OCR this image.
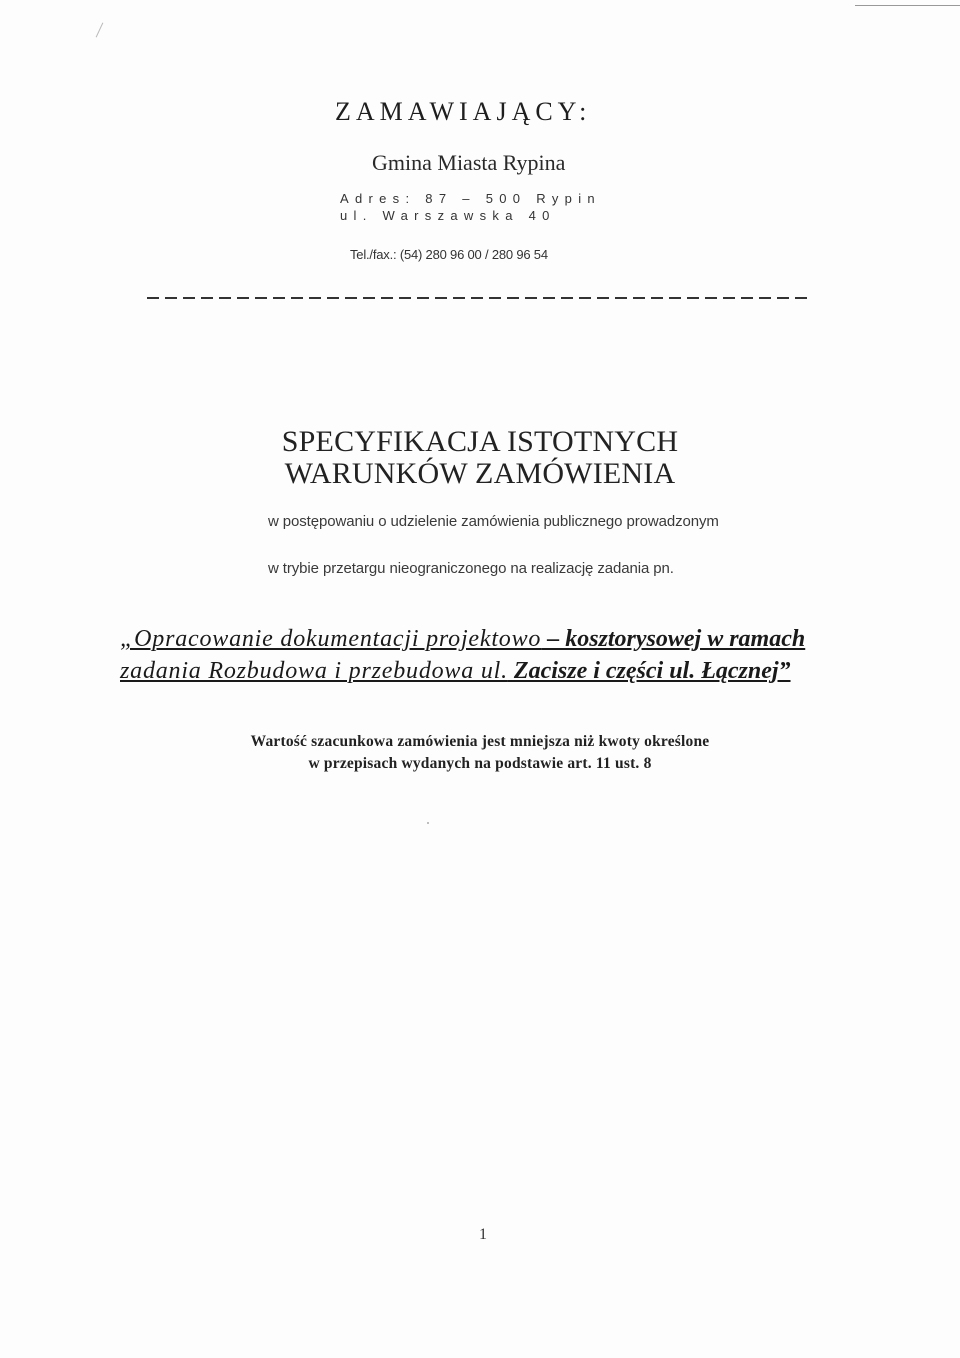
ZAMAWIAJĄCY:
Gmina Miasta Rypina
Adres: 87 – 500 Rypin
ul. Warszawska 40
Tel./fax.: (54) 280 96 00 / 280 96 54
SPECYFIKACJA ISTOTNYCH
WARUNKÓW ZAMÓWIENIA
w postępowaniu o udzielenie zamówienia publicznego prowadzonym
w trybie przetargu nieograniczonego na realizację zadania pn.
„Opracowanie dokumentacji projektowo – kosztorysowej w ramach
zadania Rozbudowa i przebudowa ul. Zacisze i części ul. Łącznej”
Wartość szacunkowa zamówienia jest mniejsza niż kwoty określone
w przepisach wydanych na podstawie art. 11 ust. 8
1
